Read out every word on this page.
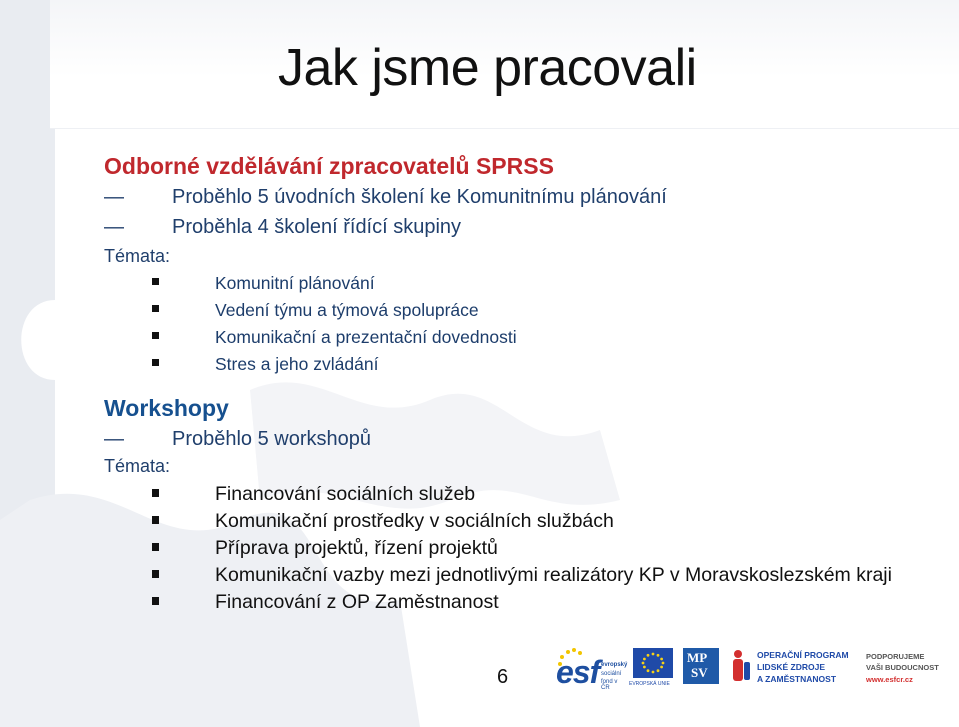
Jak jsme pracovali
Odborné vzdělávání zpracovatelů SPRSS
— Proběhlo 5 úvodních školení ke Komunitnímu plánování
— Proběhla 4 školení řídící skupiny
Témata:
Komunitní plánování
Vedení týmu a týmová spolupráce
Komunikační a prezentační dovednosti
Stres a jeho zvládání
Workshopy
— Proběhlo 5 workshopů
Témata:
Financování sociálních služeb
Komunikační prostředky v sociálních službách
Příprava projektů, řízení projektů
Komunikační vazby mezi jednotlivými realizátory KP v Moravskoslezském kraji
Financování z OP Zaměstnanost
6 esf evropský
sociální
fond v ČR
EVROPSKÁ UNIE
MP
SV
OPERAČNÍ PROGRAM
LIDSKÉ ZDROJE
A ZAMĚSTNANOST
PODPORUJEME
VAŠI BUDOUCNOST
www.esfcr.cz
